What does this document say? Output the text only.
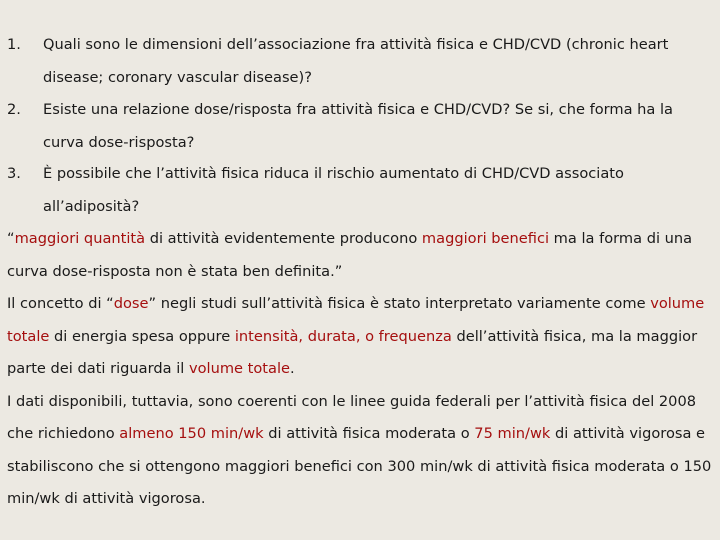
1. Quali sono le dimensioni dell’associazione fra attività fisica e CHD/CVD (chronic heart disease; coronary vascular disease)?
2. Esiste una relazione dose/risposta fra attività fisica e CHD/CVD? Se si, che forma ha la curva dose-risposta?
3. È possibile che l’attività fisica riduca il rischio aumentato di CHD/CVD associato all’adiposità?

“maggiori quantità di attività evidentemente producono maggiori benefici ma la forma di una curva dose-risposta non è stata ben definita.”

Il concetto di “dose” negli studi sull’attività fisica è stato interpretato variamente come volume totale di energia spesa oppure intensità, durata, o frequenza dell’attività fisica, ma la maggior parte dei dati riguarda il volume totale.

I dati disponibili, tuttavia, sono coerenti con le linee guida federali per l’attività fisica del 2008 che richiedono almeno 150 min/wk di attività fisica moderata o 75 min/wk di attività vigorosa e stabiliscono che si ottengono maggiori benefici con 300 min/wk di attività fisica moderata o 150 min/wk di attività vigorosa.
